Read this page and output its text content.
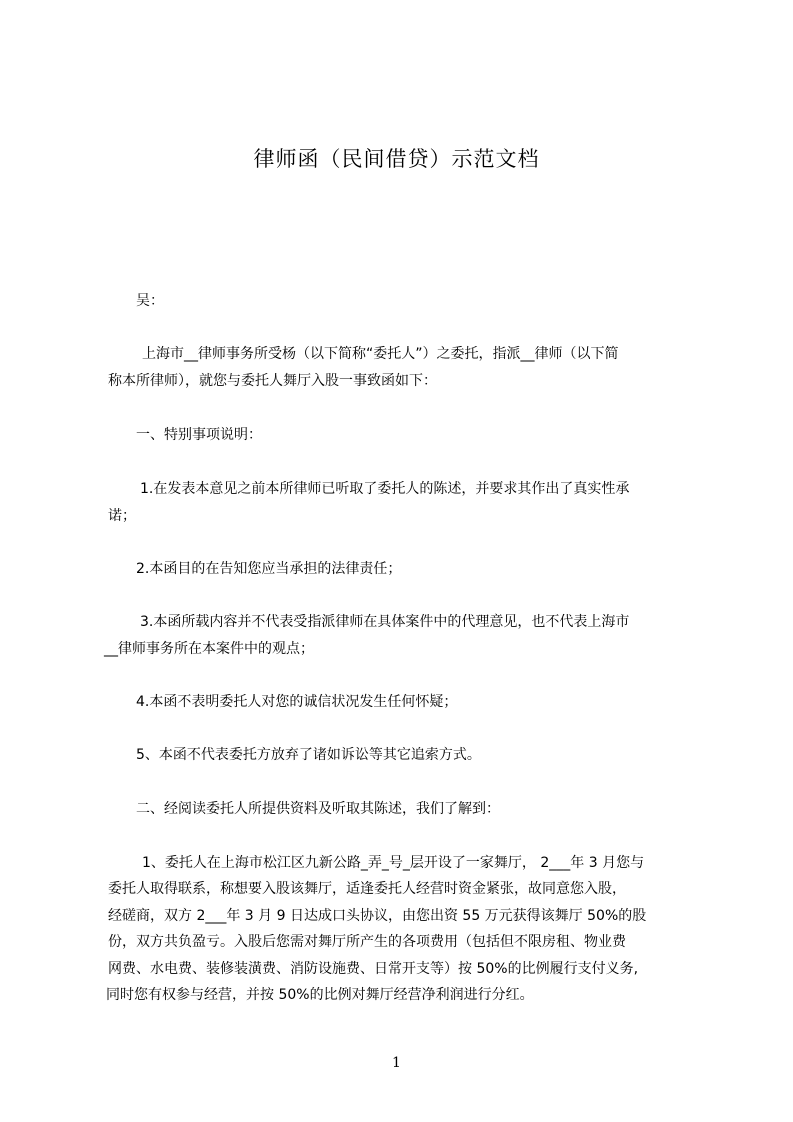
律师函（民间借贷）示范文档
吴：
上海市__律师事务所受杨（以下简称“委托人”）之委托，指派__律师（以下简
称本所律师），就您与委托人舞厅入股一事致函如下：
一、特别事项说明：
1.在发表本意见之前本所律师已听取了委托人的陈述，并要求其作出了真实性承
诺；
2.本函目的在告知您应当承担的法律责任；
3.本函所载内容并不代表受指派律师在具体案件中的代理意见，也不代表上海市
__律师事务所在本案件中的观点；
4.本函不表明委托人对您的诚信状况发生任何怀疑；
5、本函不代表委托方放弃了诸如诉讼等其它追索方式。
二、经阅读委托人所提供资料及听取其陈述，我们了解到：
1、委托人在上海市松江区九新公路_弄_号_层开设了一家舞厅， 2___年 3 月您与
委托人取得联系，称想要入股该舞厅，适逢委托人经营时资金紧张，故同意您入股，
经磋商，双方 2___年 3 月 9 日达成口头协议，由您出资 55 万元获得该舞厅 50%的股
份，双方共负盈亏。入股后您需对舞厅所产生的各项费用（包括但不限房租、物业费
网费、水电费、装修装潢费、消防设施费、日常开支等）按 50%的比例履行支付义务,
同时您有权参与经营，并按 50%的比例对舞厅经营净利润进行分红。
1
